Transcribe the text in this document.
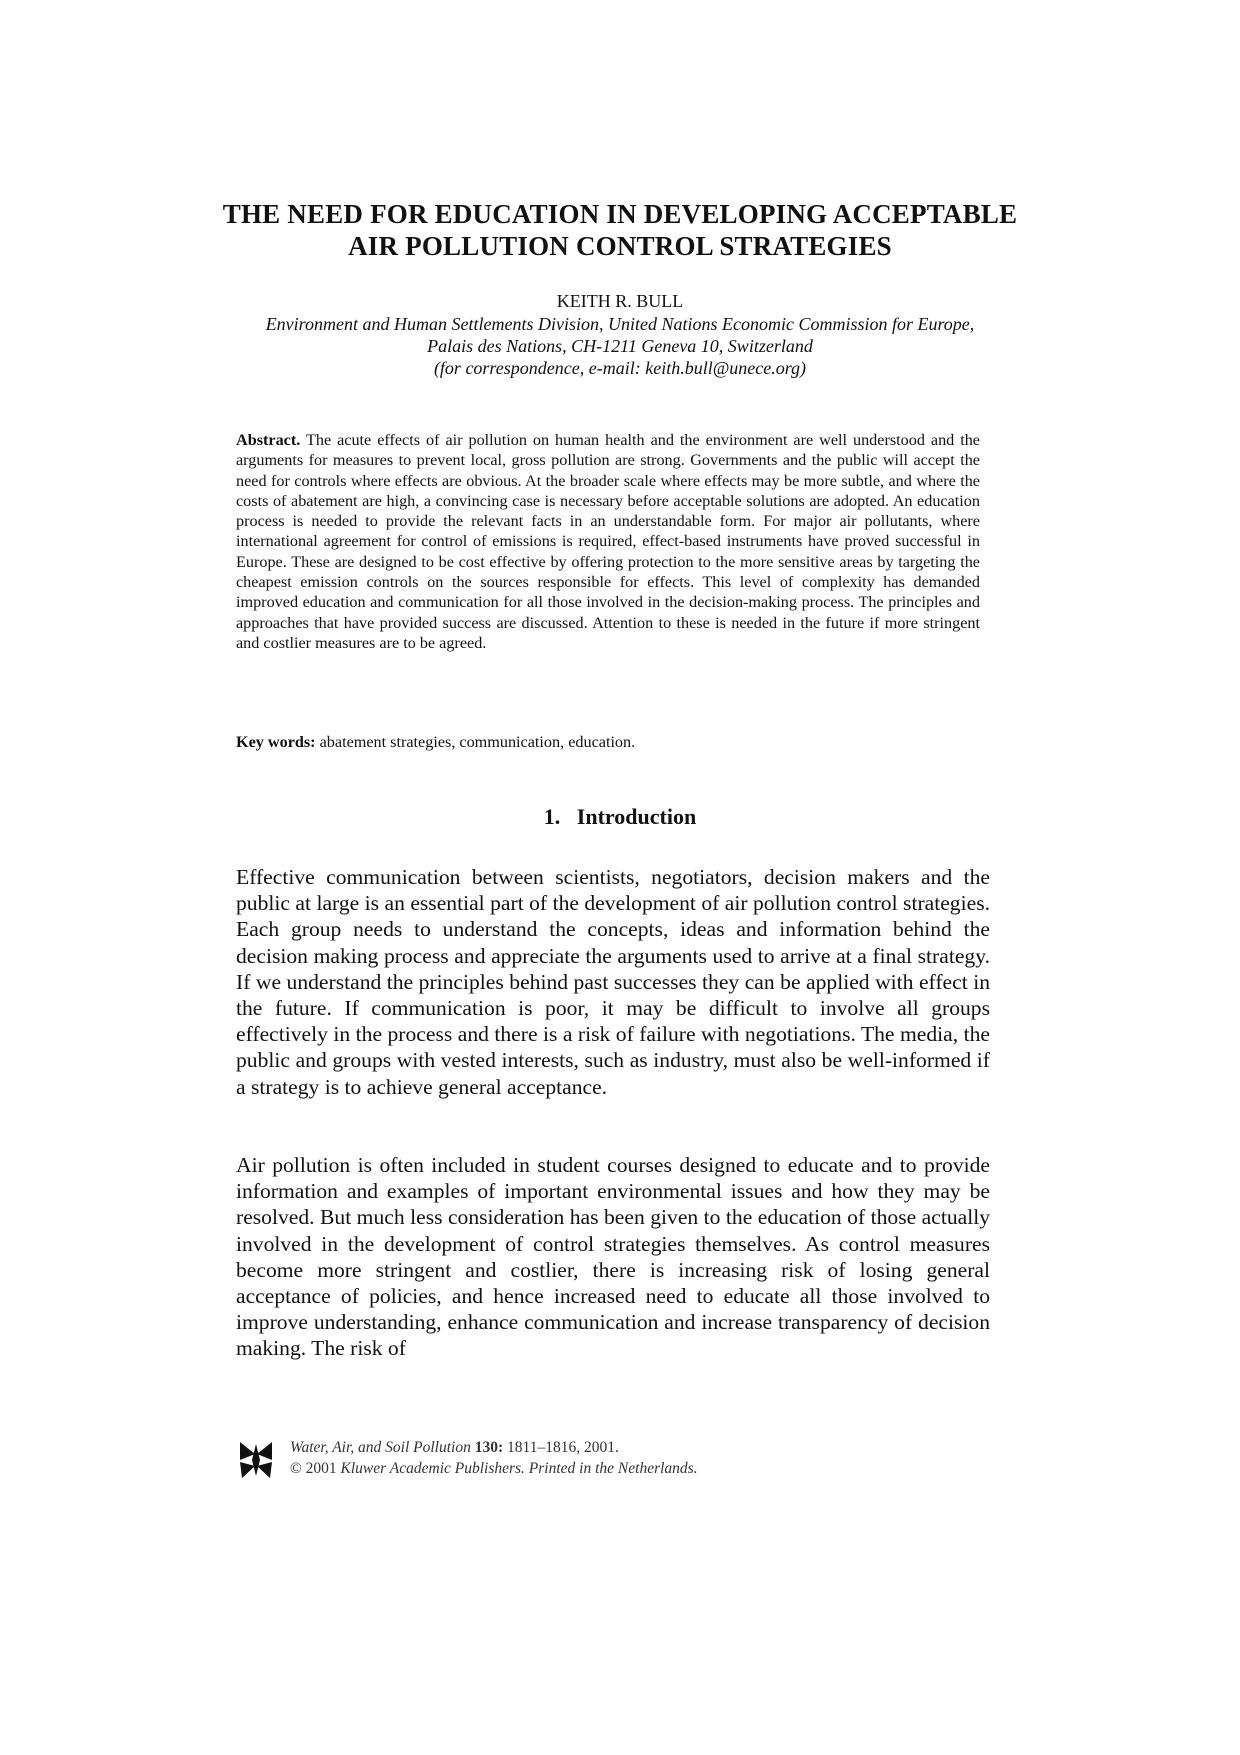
THE NEED FOR EDUCATION IN DEVELOPING ACCEPTABLE
AIR POLLUTION CONTROL STRATEGIES
KEITH R. BULL
Environment and Human Settlements Division, United Nations Economic Commission for Europe,
Palais des Nations, CH-1211 Geneva 10, Switzerland
(for correspondence, e-mail: keith.bull@unece.org)
Abstract. The acute effects of air pollution on human health and the environment are well understood and the arguments for measures to prevent local, gross pollution are strong. Governments and the public will accept the need for controls where effects are obvious. At the broader scale where effects may be more subtle, and where the costs of abatement are high, a convincing case is necessary before acceptable solutions are adopted. An education process is needed to provide the relevant facts in an understandable form. For major air pollutants, where international agreement for control of emissions is required, effect-based instruments have proved successful in Europe. These are designed to be cost effective by offering protection to the more sensitive areas by targeting the cheapest emission controls on the sources responsible for effects. This level of complexity has demanded improved education and communication for all those involved in the decision-making process. The principles and approaches that have provided success are discussed. Attention to these is needed in the future if more stringent and costlier measures are to be agreed.
Key words: abatement strategies, communication, education.
1. Introduction
Effective communication between scientists, negotiators, decision makers and the public at large is an essential part of the development of air pollution control strategies. Each group needs to understand the concepts, ideas and information behind the decision making process and appreciate the arguments used to arrive at a final strategy. If we understand the principles behind past successes they can be applied with effect in the future. If communication is poor, it may be difficult to involve all groups effectively in the process and there is a risk of failure with negotiations. The media, the public and groups with vested interests, such as industry, must also be well-informed if a strategy is to achieve general acceptance.
Air pollution is often included in student courses designed to educate and to provide information and examples of important environmental issues and how they may be resolved. But much less consideration has been given to the education of those actually involved in the development of control strategies themselves. As control measures become more stringent and costlier, there is increasing risk of losing general acceptance of policies, and hence increased need to educate all those involved to improve understanding, enhance communication and increase transparency of decision making. The risk of
Water, Air, and Soil Pollution 130: 1811–1816, 2001.
© 2001 Kluwer Academic Publishers. Printed in the Netherlands.
